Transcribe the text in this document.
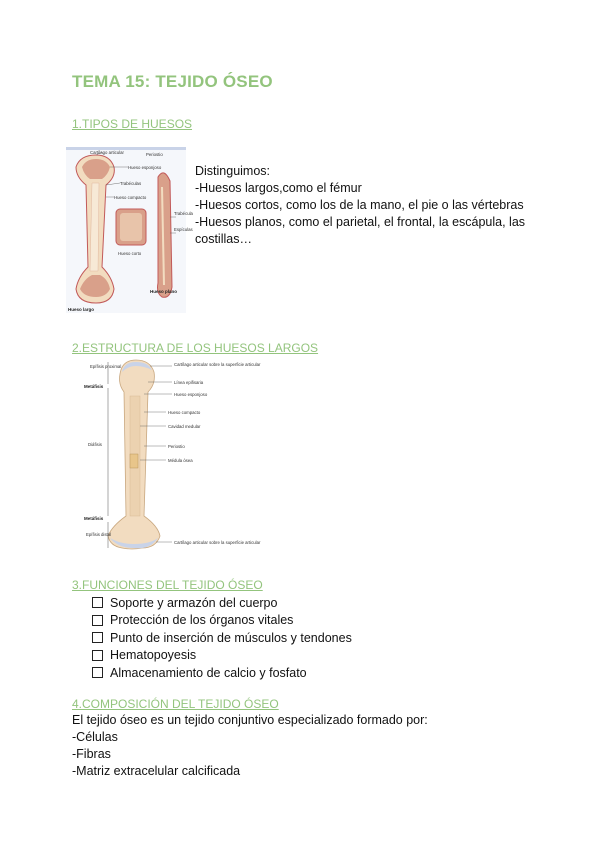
TEMA 15: TEJIDO ÓSEO
1.TIPOS DE HUESOS
Cartílago articular
Hueso esponjoso
Trabéculas
Hueso compacto
Periostio
Hueso corto
Trabécula
Espículas
Hueso plano
Hueso largo

Distinguimos:

-Huesos largos,como el fémur

-Huesos cortos, como los de la mano, el pie o las vértebras

-Huesos planos, como el parietal, el frontal, la escápula, las

costillas…

2.ESTRUCTURA DE LOS HUESOS LARGOS
Epífisis proximal
Metáfisis
Diáfisis
Metáfisis
Epífisis distal
Cartílago articular sobre la superficie articular
Línea epifisaria
Hueso esponjoso
Hueso compacto
Cavidad medular
Periostio
Médula ósea
Cartílago articular sobre la superficie articular
3.FUNCIONES DEL TEJIDO ÓSEO
Soporte y armazón del cuerpo
Protección de los órganos vitales
Punto de inserción de músculos y tendones
Hematopoyesis
Almacenamiento de calcio y fosfato
4.COMPOSICIÓN DEL TEJIDO ÓSEO

El tejido óseo es un tejido conjuntivo especializado formado por:

-Células

-Fibras

-Matriz extracelular calcificada
